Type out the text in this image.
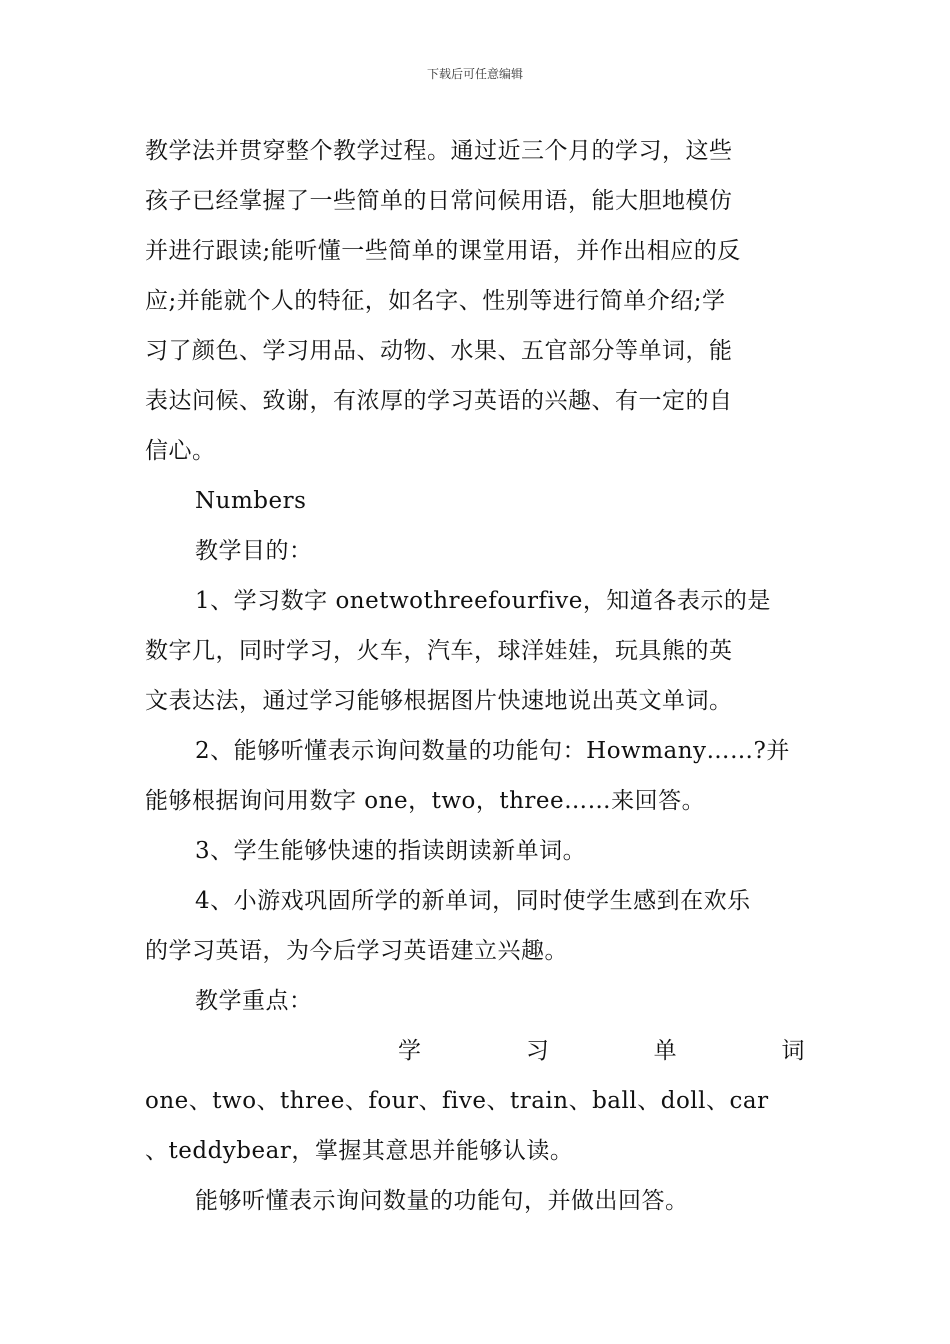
下载后可任意编辑
教学法并贯穿整个教学过程。通过近三个月的学习，这些
孩子已经掌握了一些简单的日常问候用语，能大胆地模仿
并进行跟读;能听懂一些简单的课堂用语，并作出相应的反
应;并能就个人的特征，如名字、性别等进行简单介绍;学
习了颜色、学习用品、动物、水果、五官部分等单词，能
表达问候、致谢，有浓厚的学习英语的兴趣、有一定的自
信心。
Numbers
教学目的：
1、学习数字 onetwothreefourfive，知道各表示的是
数字几，同时学习，火车，汽车，球洋娃娃，玩具熊的英
文表达法，通过学习能够根据图片快速地说出英文单词。
2、能够听懂表示询问数量的功能句：Howmany……?并
能够根据询问用数字 one，two，three……来回答。
3、学生能够快速的指读朗读新单词。
4、小游戏巩固所学的新单词，同时使学生感到在欢乐
的学习英语，为今后学习英语建立兴趣。
教学重点：
学	习	单	词
one、two、three、four、five、train、ball、doll、car
、teddybear，掌握其意思并能够认读。
能够听懂表示询问数量的功能句，并做出回答。
